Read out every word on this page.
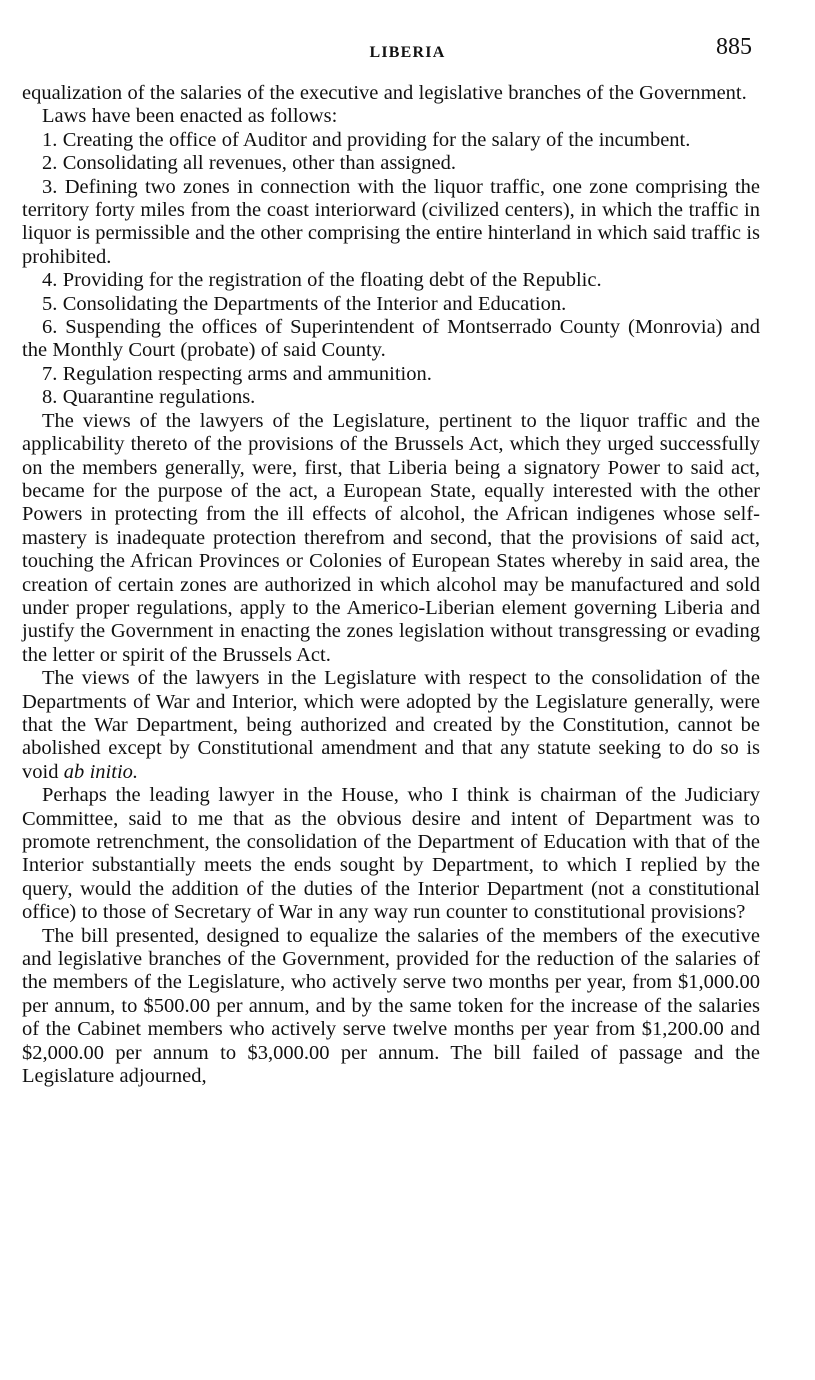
LIBERIA	885

equalization of the salaries of the executive and legislative branches of the Government.

Laws have been enacted as follows:

1. Creating the office of Auditor and providing for the salary of the incumbent.

2. Consolidating all revenues, other than assigned.

3. Defining two zones in connection with the liquor traffic, one zone comprising the territory forty miles from the coast interiorward (civilized centers), in which the traffic in liquor is permissible and the other comprising the entire hinterland in which said traffic is prohibited.

4. Providing for the registration of the floating debt of the Republic.

5. Consolidating the Departments of the Interior and Education.

6. Suspending the offices of Superintendent of Montserrado County (Monrovia) and the Monthly Court (probate) of said County.

7. Regulation respecting arms and ammunition.

8. Quarantine regulations.

The views of the lawyers of the Legislature, pertinent to the liquor traffic and the applicability thereto of the provisions of the Brussels Act, which they urged successfully on the members generally, were, first, that Liberia being a signatory Power to said act, became for the purpose of the act, a European State, equally interested with the other Powers in protecting from the ill effects of alcohol, the African indigenes whose self-mastery is inadequate protection therefrom and second, that the provisions of said act, touching the African Provinces or Colonies of European States whereby in said area, the creation of certain zones are authorized in which alcohol may be manufactured and sold under proper regulations, apply to the Americo-Liberian element governing Liberia and justify the Government in enacting the zones legislation without transgressing or evading the letter or spirit of the Brussels Act.

The views of the lawyers in the Legislature with respect to the consolidation of the Departments of War and Interior, which were adopted by the Legislature generally, were that the War Department, being authorized and created by the Constitution, cannot be abolished except by Constitutional amendment and that any statute seeking to do so is void ab initio.

Perhaps the leading lawyer in the House, who I think is chairman of the Judiciary Committee, said to me that as the obvious desire and intent of Department was to promote retrenchment, the consolidation of the Department of Education with that of the Interior substantially meets the ends sought by Department, to which I replied by the query, would the addition of the duties of the Interior Department (not a constitutional office) to those of Secretary of War in any way run counter to constitutional provisions?

The bill presented, designed to equalize the salaries of the members of the executive and legislative branches of the Government, provided for the reduction of the salaries of the members of the Legislature, who actively serve two months per year, from $1,000.00 per annum, to $500.00 per annum, and by the same token for the increase of the salaries of the Cabinet members who actively serve twelve months per year from $1,200.00 and $2,000.00 per annum to $3,000.00 per annum. The bill failed of passage and the Legislature adjourned,
